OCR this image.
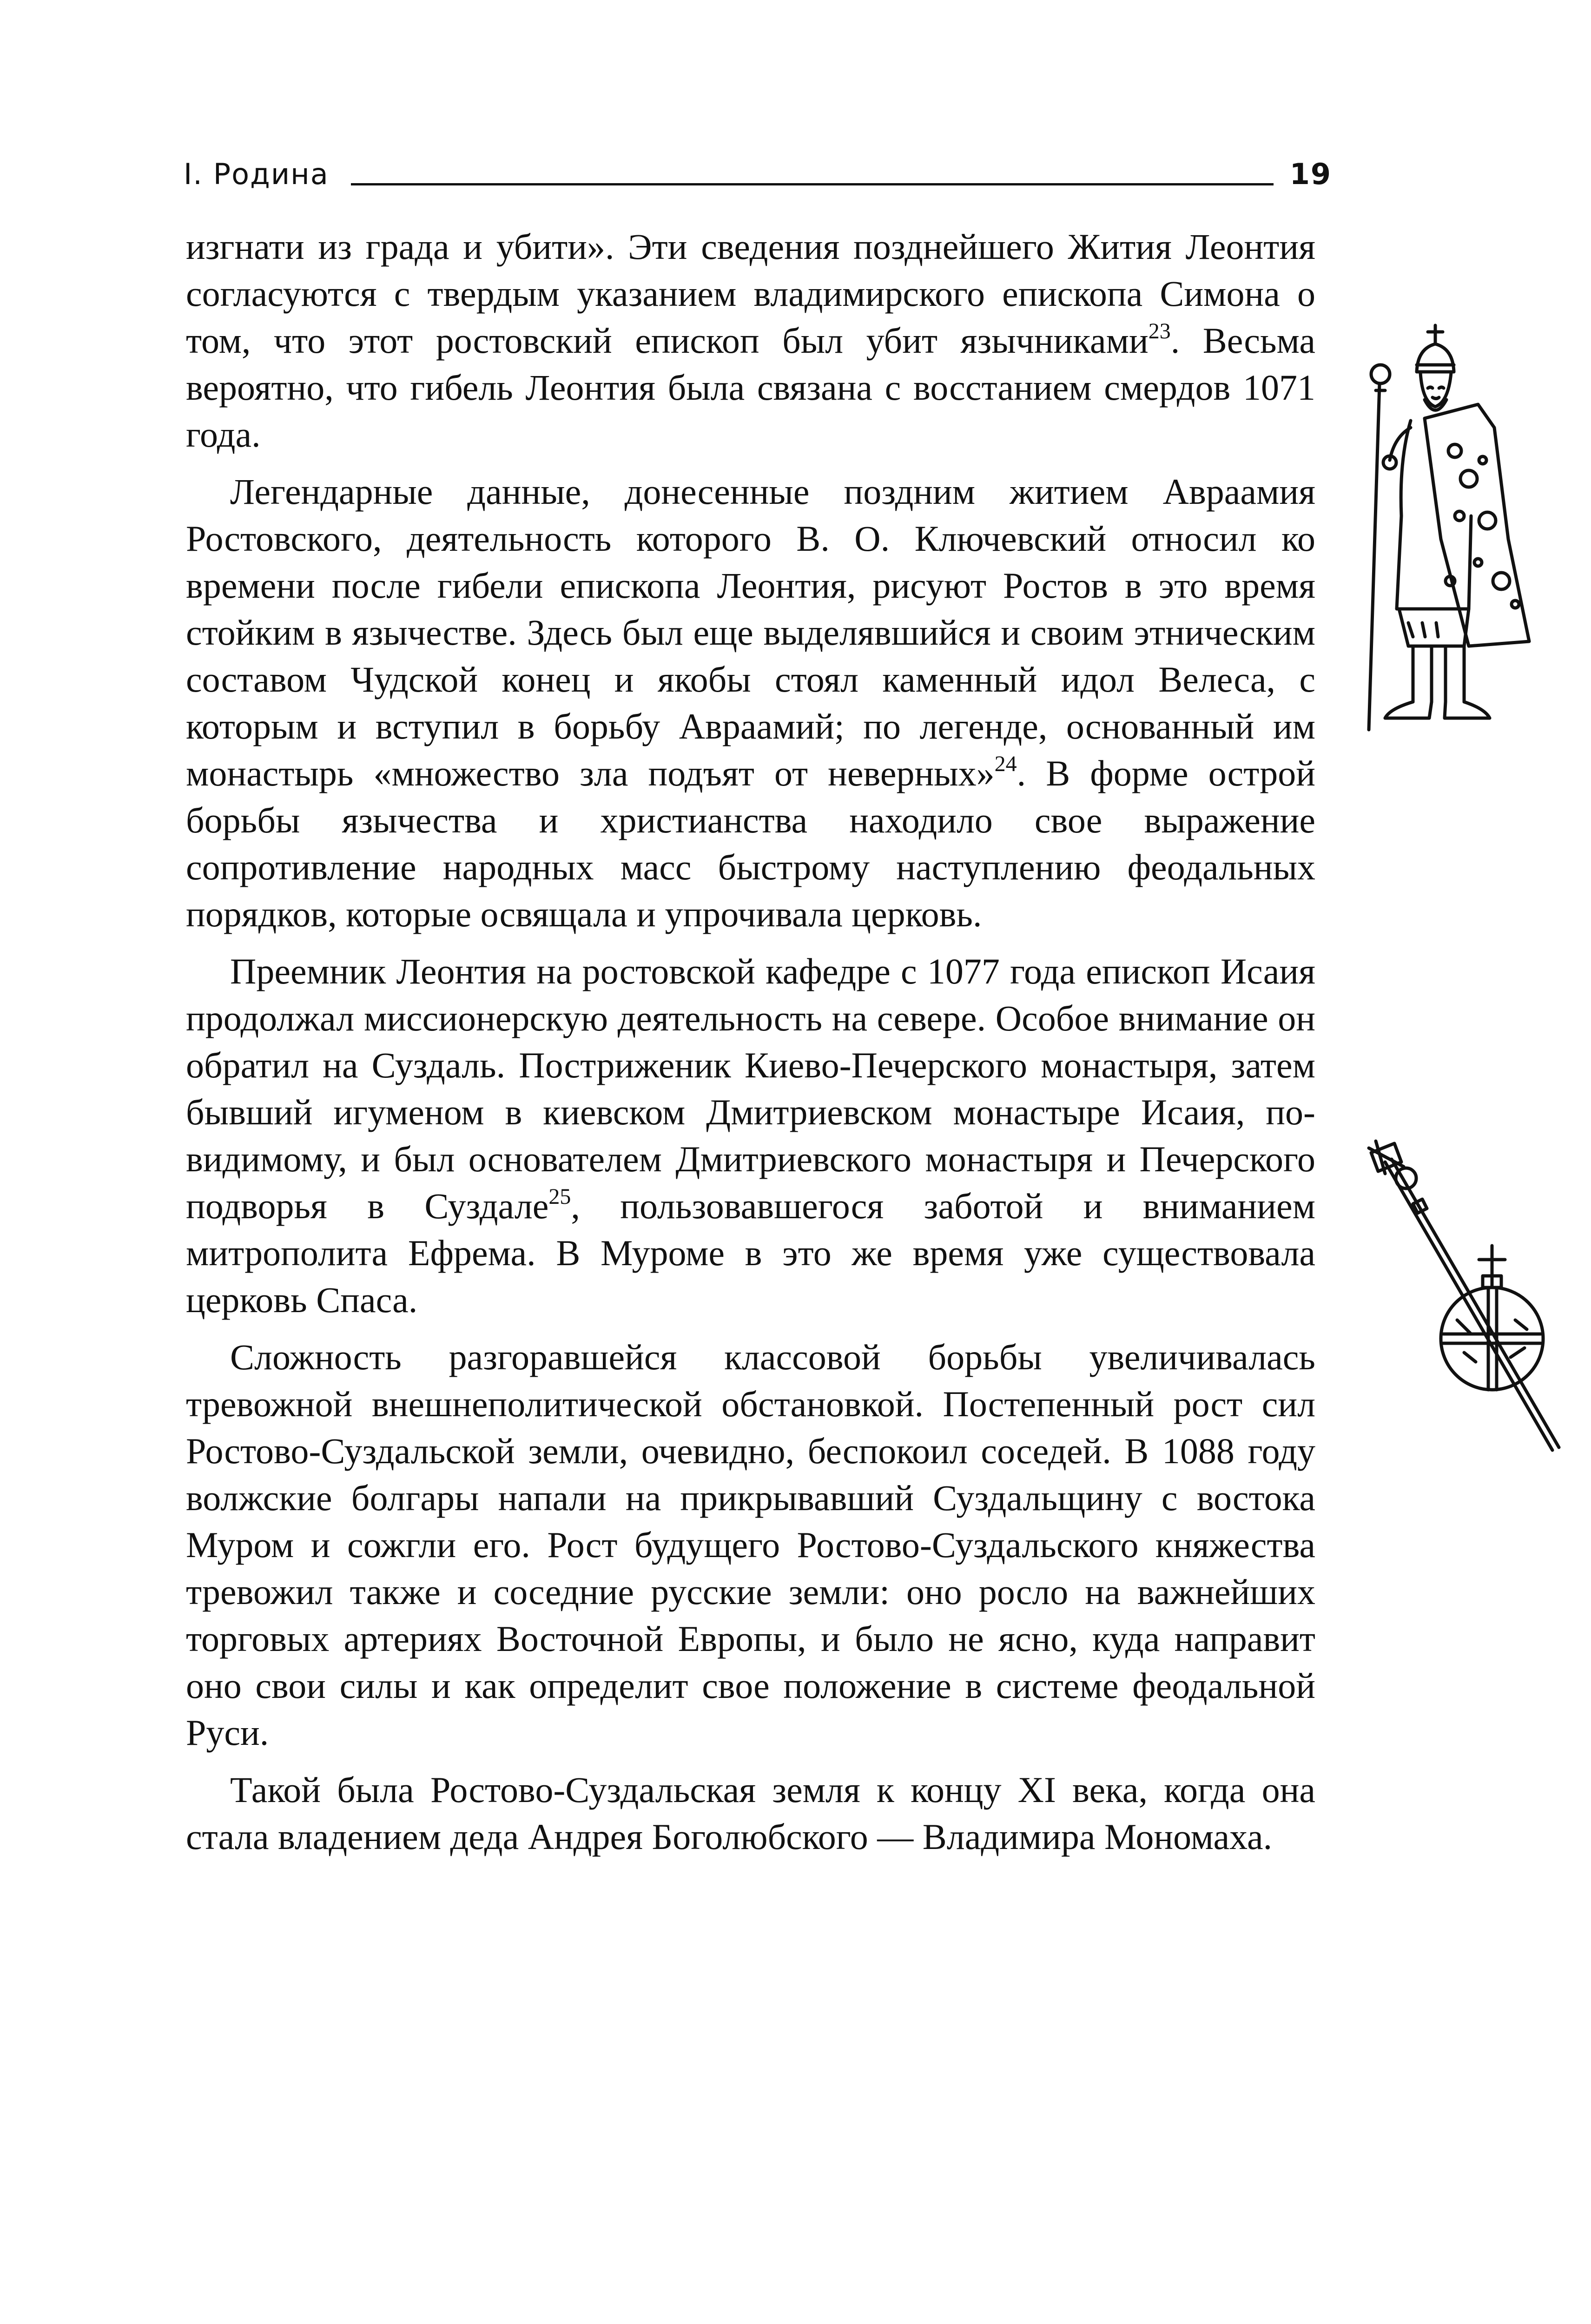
I. Родина	19

изгнати из града и убити». Эти сведения позднейшего Жития Леонтия согласуются с твердым указанием владимирского епископа Симона о том, что этот ростовский епископ был убит язычниками$^{23}$. Весьма вероятно, что гибель Леонтия была связана с восстанием смердов 1071 года.

Легендарные данные, донесенные поздним житием Авраамия Ростовского, деятельность которого В. О. Ключевский относил ко времени после гибели епископа Леонтия, рисуют Ростов в это время стойким в язычестве. Здесь был еще выделявшийся и своим этническим составом Чудской конец и якобы стоял каменный идол Велеса, с которым и вступил в борьбу Авраамий; по легенде, основанный им монастырь «множество зла подъят от неверных»$^{24}$. В форме острой борьбы язычества и христианства находило свое выражение сопротивление народных масс быстрому наступлению феодальных порядков, которые освящала и упрочивала церковь.

Преемник Леонтия на ростовской кафедре с 1077 года епископ Исаия продолжал миссионерскую деятельность на севере. Особое внимание он обратил на Суздаль. Постриженик Киево-Печерского монастыря, затем бывший игуменом в киевском Дмитриевском монастыре Исаия, по-видимому, и был основателем Дмитриевского монастыря и Печерского подворья в Суздале$^{25}$, пользовавшегося заботой и вниманием митрополита Ефрема. В Муроме в это же время уже существовала церковь Спаса.

Сложность разгоравшейся классовой борьбы увеличивалась тревожной внешнеполитической обстановкой. Постепенный рост сил Ростово-Суздальской земли, очевидно, беспокоил соседей. В 1088 году волжские болгары напали на прикрывавший Суздальщину с востока Муром и сожгли его. Рост будущего Ростово-Суздальского княжества тревожил также и соседние русские земли: оно росло на важнейших торговых артериях Восточной Европы, и было не ясно, куда направит оно свои силы и как определит свое положение в системе феодальной Руси.

Такой была Ростово-Суздальская земля к концу XI века, когда она стала владением деда Андрея Боголюбского — Владимира Мономаха.
